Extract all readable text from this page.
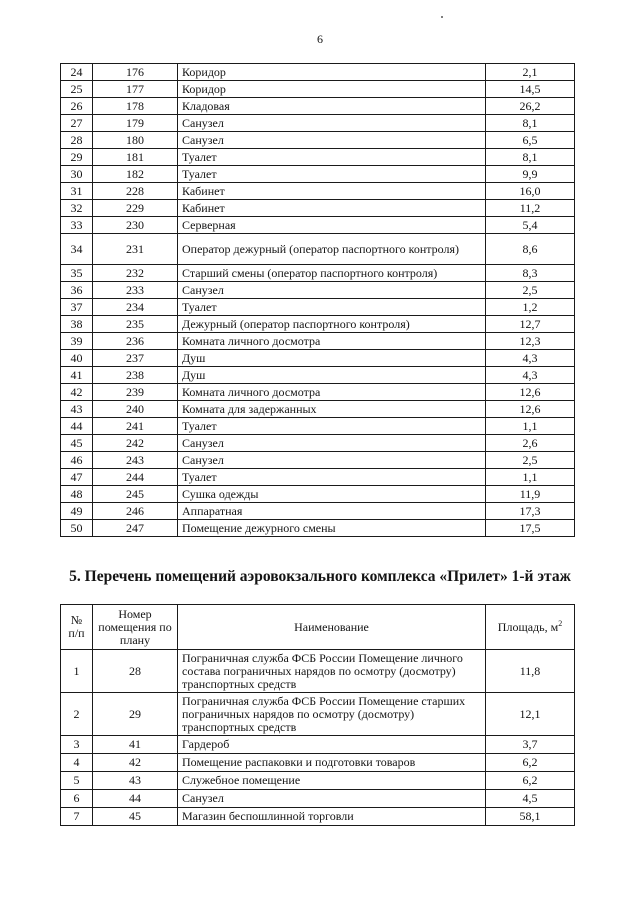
6
24	176	Коридор	2,1
25	177	Коридор	14,5
26	178	Кладовая	26,2
27	179	Санузел	8,1
28	180	Санузел	6,5
29	181	Туалет	8,1
30	182	Туалет	9,9
31	228	Кабинет	16,0
32	229	Кабинет	11,2
33	230	Серверная	5,4
34	231	Оператор дежурный (оператор паспортного контроля)	8,6
35	232	Старший смены (оператор паспортного контроля)	8,3
36	233	Санузел	2,5
37	234	Туалет	1,2
38	235	Дежурный (оператор паспортного контроля)	12,7
39	236	Комната личного досмотра	12,3
40	237	Душ	4,3
41	238	Душ	4,3
42	239	Комната личного досмотра	12,6
43	240	Комната для задержанных	12,6
44	241	Туалет	1,1
45	242	Санузел	2,6
46	243	Санузел	2,5
47	244	Туалет	1,1
48	245	Сушка одежды	11,9
49	246	Аппаратная	17,3
50	247	Помещение дежурного смены	17,5
5. Перечень помещений аэровокзального комплекса «Прилет» 1-й этаж
№ п/п	Номер помещения по плану	Наименование	Площадь, $м^2$
1	28	Пограничная служба ФСБ России Помещение личного состава пограничных нарядов по осмотру (досмотру) транспортных средств	11,8
2	29	Пограничная служба ФСБ России Помещение старших пограничных нарядов по осмотру (досмотру) транспортных средств	12,1
3	41	Гардероб	3,7
4	42	Помещение распаковки и подготовки товаров	6,2
5	43	Служебное помещение	6,2
6	44	Санузел	4,5
7	45	Магазин беспошлинной торговли	58,1
